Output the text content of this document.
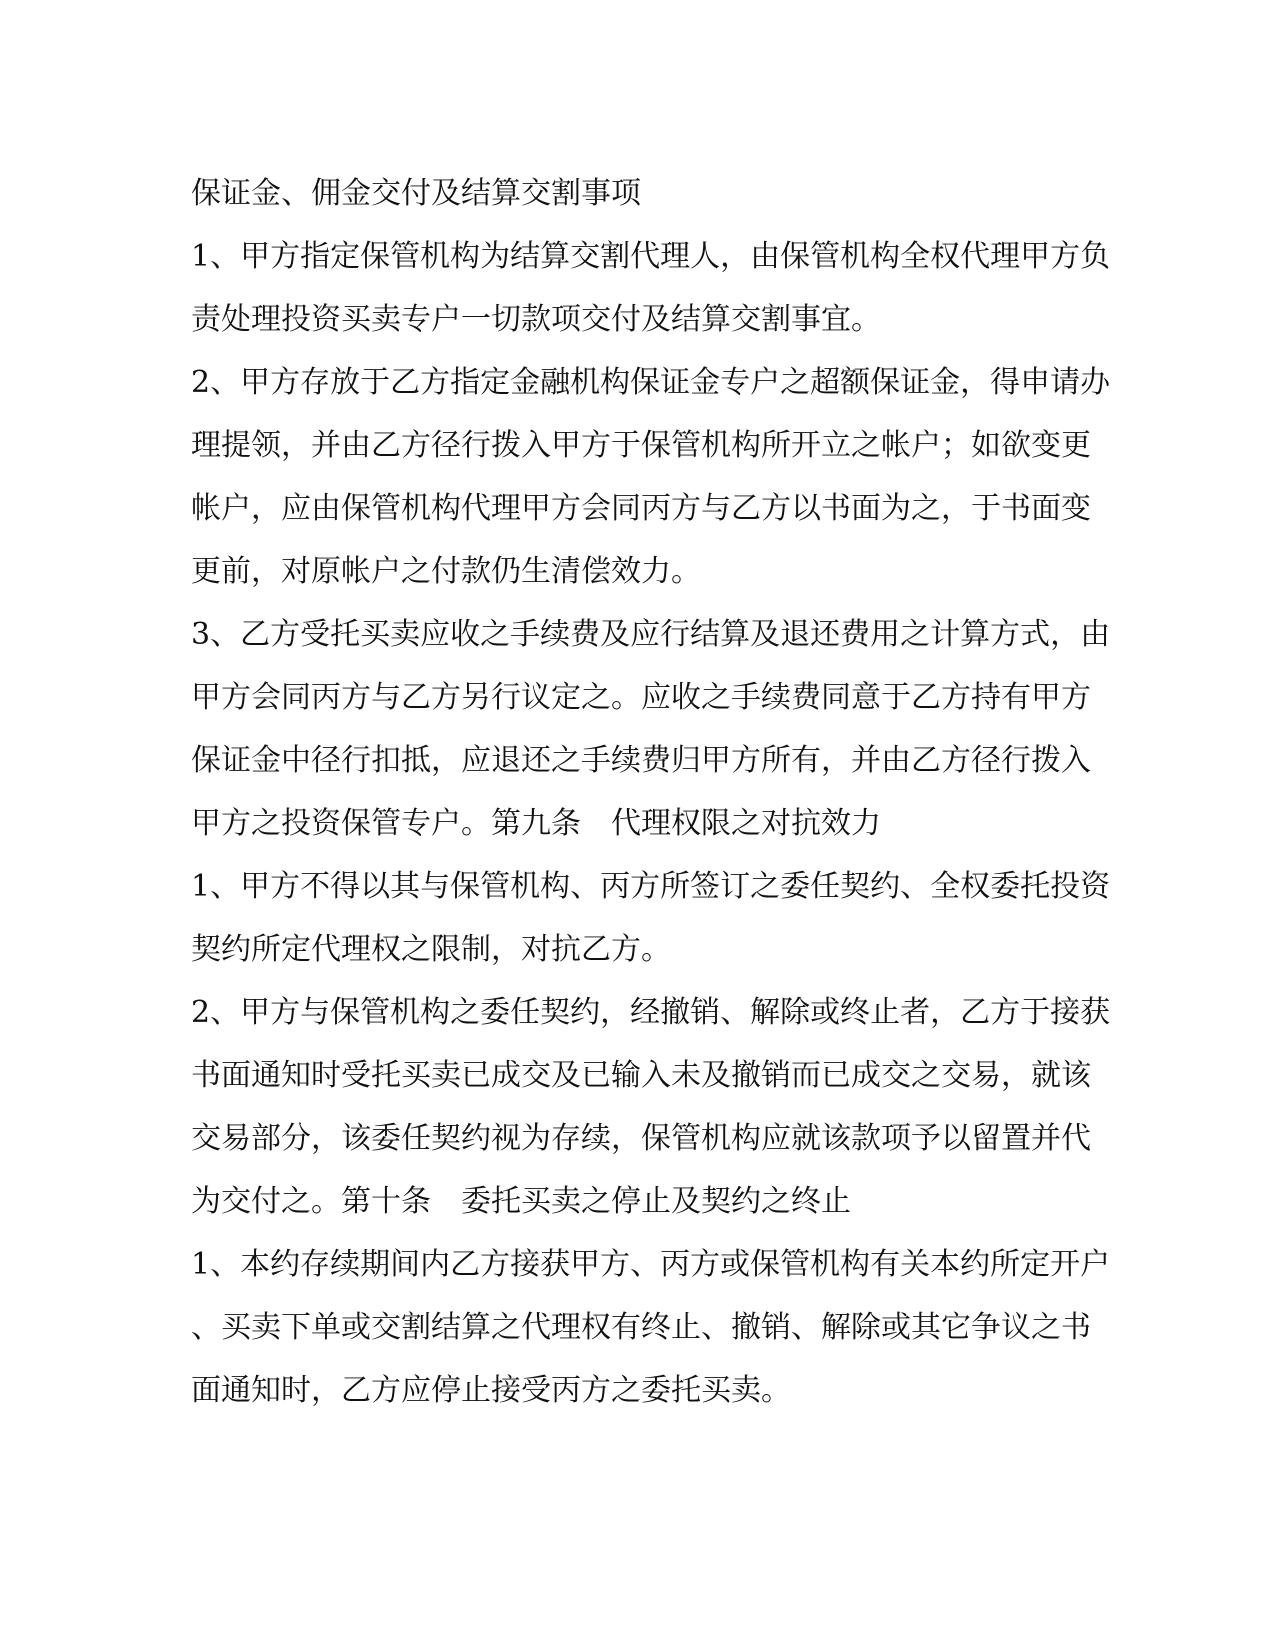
保证金、佣金交付及结算交割事项
1、甲方指定保管机构为结算交割代理人，由保管机构全权代理甲方负
责处理投资买卖专户一切款项交付及结算交割事宜。
2、甲方存放于乙方指定金融机构保证金专户之超额保证金，得申请办
理提领，并由乙方径行拨入甲方于保管机构所开立之帐户；如欲变更
帐户，应由保管机构代理甲方会同丙方与乙方以书面为之，于书面变
更前，对原帐户之付款仍生清偿效力。
3、乙方受托买卖应收之手续费及应行结算及退还费用之计算方式，由
甲方会同丙方与乙方另行议定之。应收之手续费同意于乙方持有甲方
保证金中径行扣抵，应退还之手续费归甲方所有，并由乙方径行拨入
甲方之投资保管专户。第九条　代理权限之对抗效力
1、甲方不得以其与保管机构、丙方所签订之委任契约、全权委托投资
契约所定代理权之限制，对抗乙方。
2、甲方与保管机构之委任契约，经撤销、解除或终止者，乙方于接获
书面通知时受托买卖已成交及已输入未及撤销而已成交之交易，就该
交易部分，该委任契约视为存续，保管机构应就该款项予以留置并代
为交付之。第十条　委托买卖之停止及契约之终止
1、本约存续期间内乙方接获甲方、丙方或保管机构有关本约所定开户
、买卖下单或交割结算之代理权有终止、撤销、解除或其它争议之书
面通知时，乙方应停止接受丙方之委托买卖。
